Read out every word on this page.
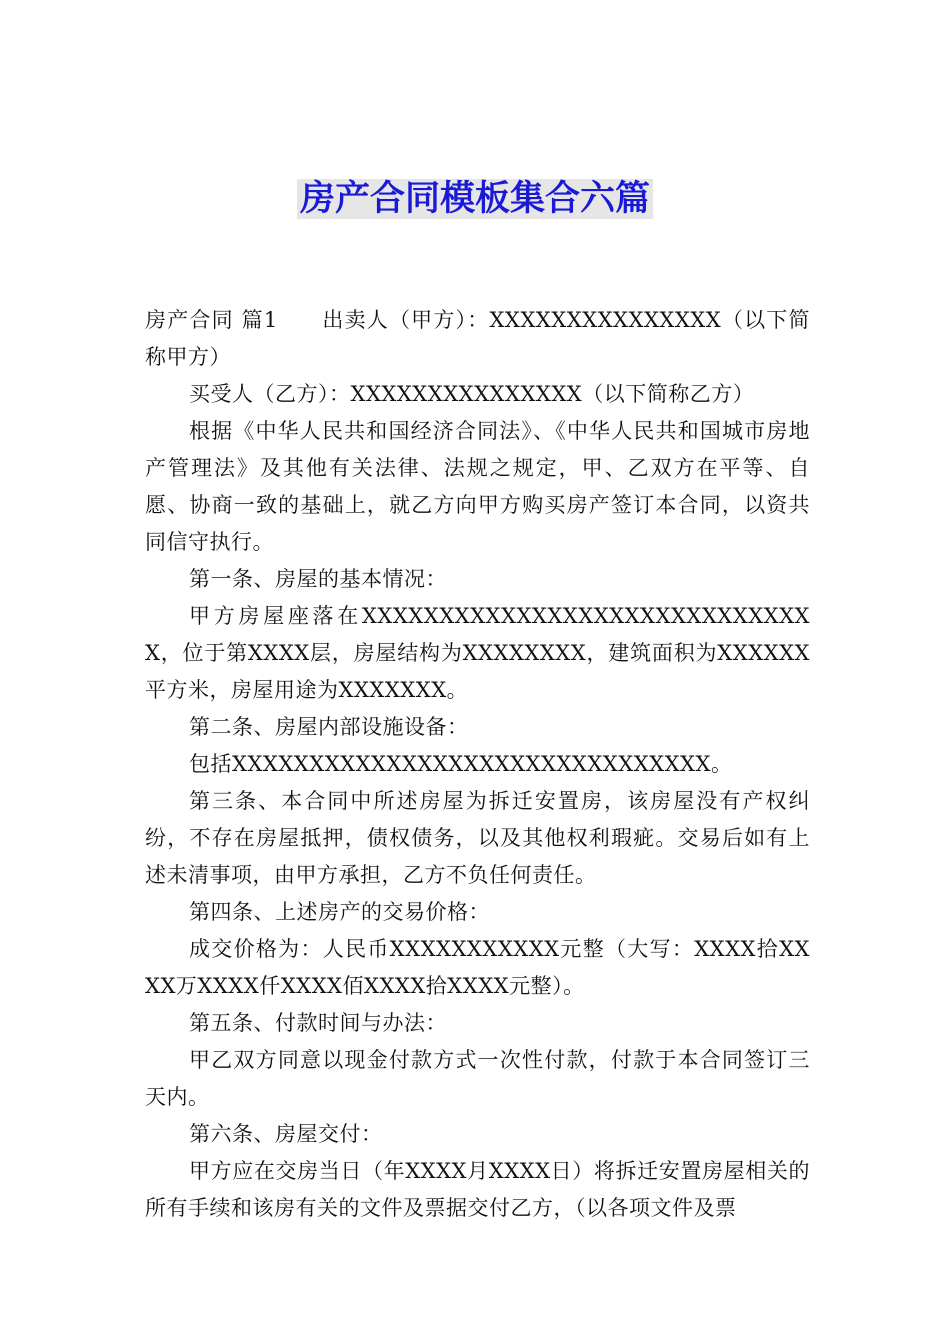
房产合同模板集合六篇

房产合同 篇1 出卖人（甲方）：XXXXXXXXXXXXXXX（以下简称甲方）

买受人（乙方）：XXXXXXXXXXXXXXX（以下简称乙方）

根据《中华人民共和国经济合同法》、《中华人民共和国城市房地产管理法》及其他有关法律、法规之规定，甲、乙双方在平等、自愿、协商一致的基础上，就乙方向甲方购买房产签订本合同，以资共同信守执行。

第一条、房屋的基本情况：

甲方房屋座落在XXXXXXXXXXXXXXXXXXXXXXXXXXXXXX，位于第XXXX层，房屋结构为XXXXXXXX，建筑面积为XXXXXX平方米，房屋用途为XXXXXXX。

第二条、房屋内部设施设备：

包括XXXXXXXXXXXXXXXXXXXXXXXXXXXXXXX。

第三条、本合同中所述房屋为拆迁安置房，该房屋没有产权纠纷，不存在房屋抵押，债权债务，以及其他权利瑕疵。交易后如有上述未清事项，由甲方承担，乙方不负任何责任。

第四条、上述房产的交易价格：

成交价格为：人民币XXXXXXXXXXX元整（大写：XXXX拾XXXX万XXXX仟XXXX佰XXXX拾XXXX元整）。

第五条、付款时间与办法：

甲乙双方同意以现金付款方式一次性付款，付款于本合同签订三天内。

第六条、房屋交付：

甲方应在交房当日（年XXXX月XXXX日）将拆迁安置房屋相关的所有手续和该房有关的文件及票据交付乙方，（以各项文件及票
